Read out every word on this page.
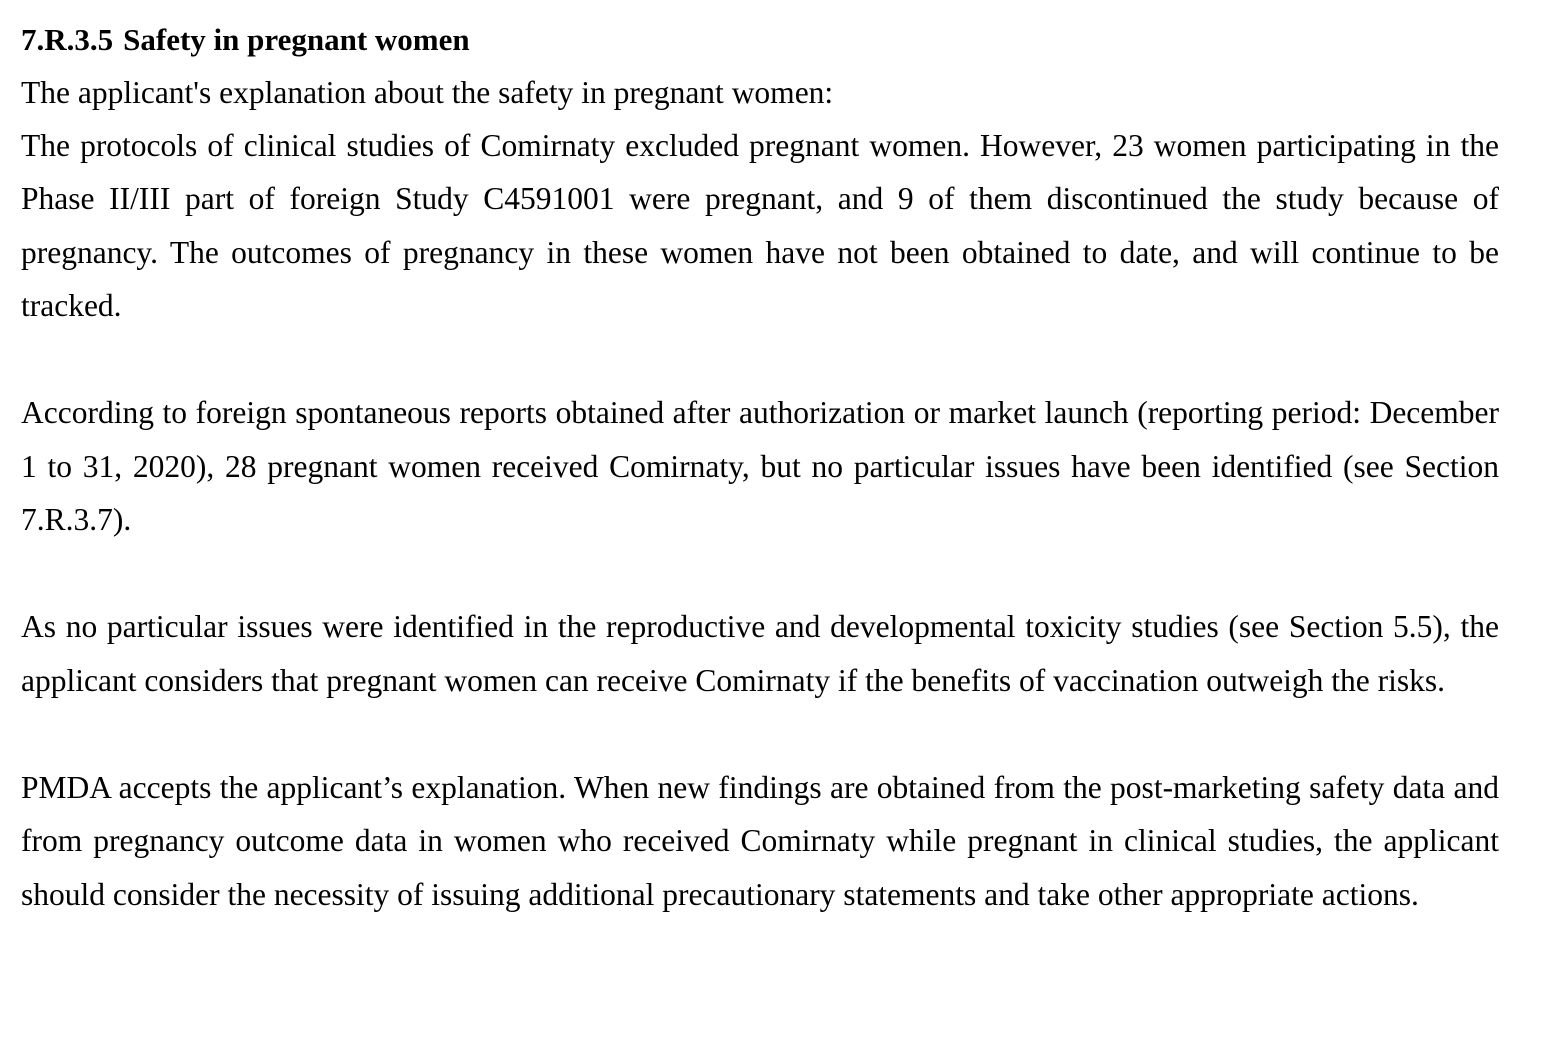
7.R.3.5 Safety in pregnant women

The applicant's explanation about the safety in pregnant women:

The protocols of clinical studies of Comirnaty excluded pregnant women. However, 23 women participating in the Phase II/III part of foreign Study C4591001 were pregnant, and 9 of them discontinued the study because of pregnancy. The outcomes of pregnancy in these women have not been obtained to date, and will continue to be tracked.

According to foreign spontaneous reports obtained after authorization or market launch (reporting period: December 1 to 31, 2020), 28 pregnant women received Comirnaty, but no particular issues have been identified (see Section 7.R.3.7).

As no particular issues were identified in the reproductive and developmental toxicity studies (see Section 5.5), the applicant considers that pregnant women can receive Comirnaty if the benefits of vaccination outweigh the risks.

PMDA accepts the applicant’s explanation. When new findings are obtained from the post-marketing safety data and from pregnancy outcome data in women who received Comirnaty while pregnant in clinical studies, the applicant should consider the necessity of issuing additional precautionary statements and take other appropriate actions.
